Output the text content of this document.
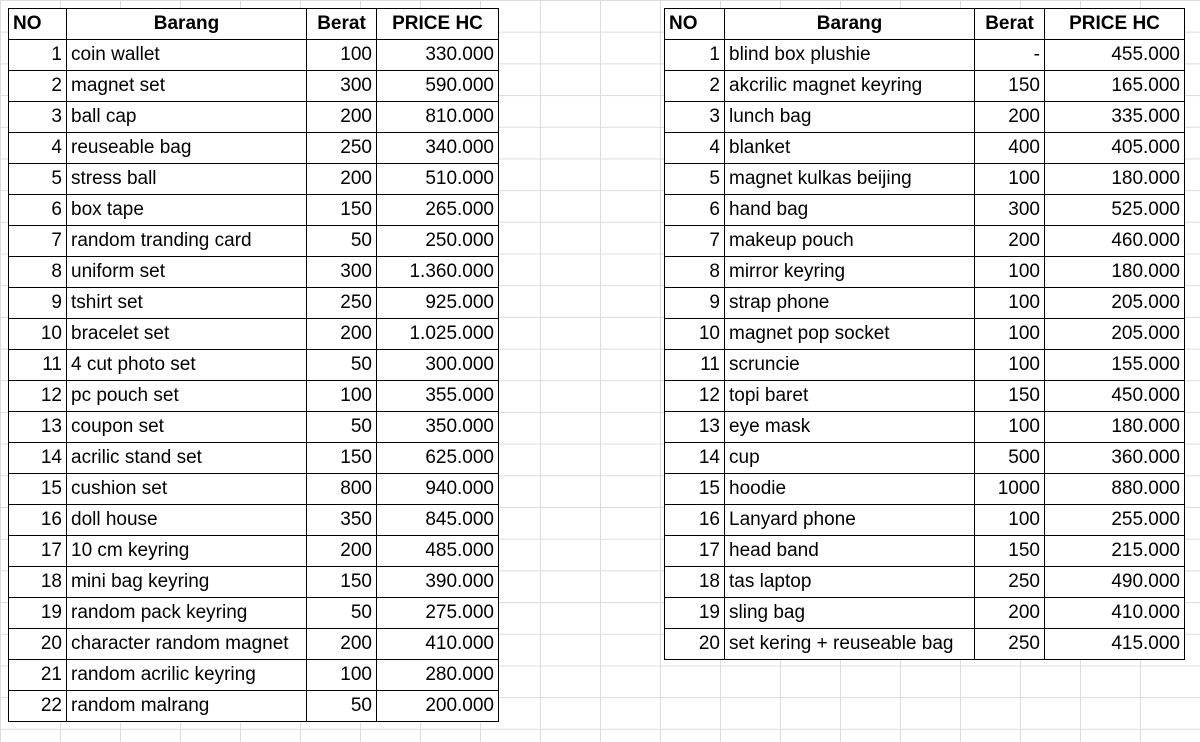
NO	Barang	Berat	PRICE HC
1	coin wallet	100	330.000
2	magnet set	300	590.000
3	ball cap	200	810.000
4	reuseable bag	250	340.000
5	stress ball	200	510.000
6	box tape	150	265.000
7	random tranding card	50	250.000
8	uniform set	300	1.360.000
9	tshirt set	250	925.000
10	bracelet set	200	1.025.000
11	4 cut photo set	50	300.000
12	pc pouch set	100	355.000
13	coupon set	50	350.000
14	acrilic stand set	150	625.000
15	cushion set	800	940.000
16	doll house	350	845.000
17	10 cm keyring	200	485.000
18	mini bag keyring	150	390.000
19	random pack keyring	50	275.000
20	character random magnet	200	410.000
21	random acrilic keyring	100	280.000
22	random malrang	50	200.000
NO	Barang	Berat	PRICE HC
1	blind box plushie	-	455.000
2	akcrilic magnet keyring	150	165.000
3	lunch bag	200	335.000
4	blanket	400	405.000
5	magnet kulkas beijing	100	180.000
6	hand bag	300	525.000
7	makeup pouch	200	460.000
8	mirror keyring	100	180.000
9	strap phone	100	205.000
10	magnet pop socket	100	205.000
11	scruncie	100	155.000
12	topi baret	150	450.000
13	eye mask	100	180.000
14	cup	500	360.000
15	hoodie	1000	880.000
16	Lanyard phone	100	255.000
17	head band	150	215.000
18	tas laptop	250	490.000
19	sling bag	200	410.000
20	set kering + reuseable bag	250	415.000
